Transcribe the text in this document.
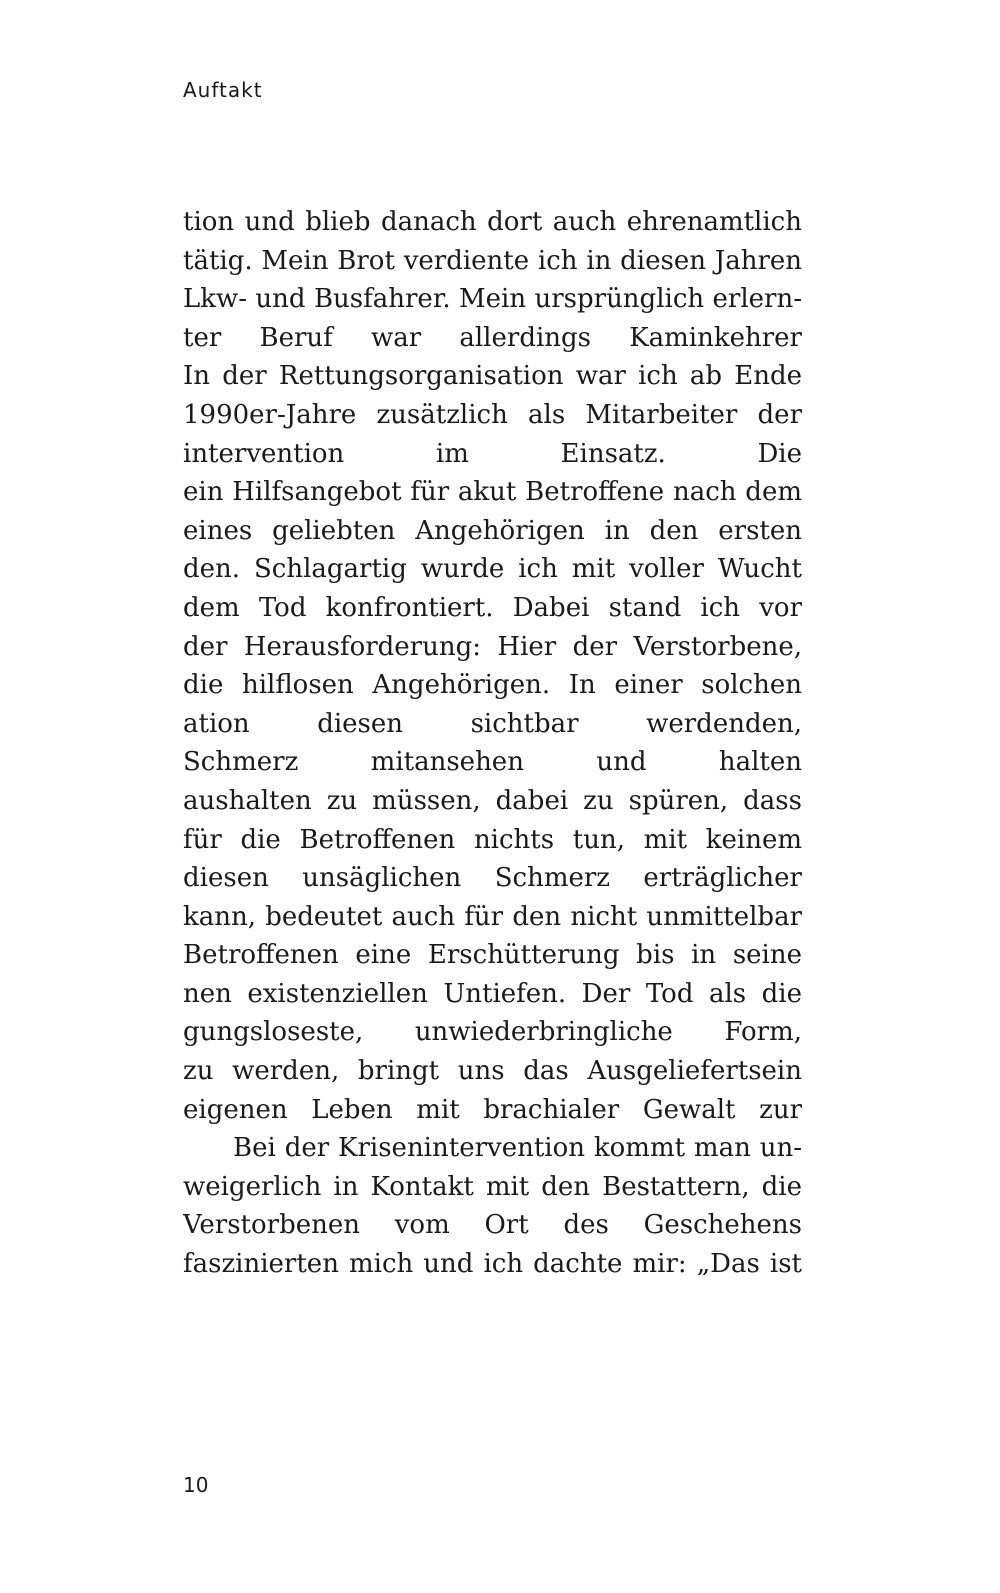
Auftakt
tion und blieb danach dort auch ehrenamtlich
tätig. Mein Brot verdiente ich in diesen Jahren
Lkw- und Busfahrer. Mein ursprünglich erlern-
ter Beruf war allerdings Kaminkehrer
In der Rettungsorganisation war ich ab Ende
1990er-Jahre zusätzlich als Mitarbeiter der
intervention im Einsatz. Die
ein Hilfsangebot für akut Betroffene nach dem
eines geliebten Angehörigen in den ersten
den. Schlagartig wurde ich mit voller Wucht
dem Tod konfrontiert. Dabei stand ich vor
der Herausforderung: Hier der Verstorbene,
die hilflosen Angehörigen. In einer solchen
ation diesen sichtbar werdenden,
Schmerz mitansehen und halten
aushalten zu müssen, dabei zu spüren, dass
für die Betroffenen nichts tun, mit keinem
diesen unsäglichen Schmerz erträglicher
kann, bedeutet auch für den nicht unmittelbar
Betroffenen eine Erschütterung bis in seine
nen existenziellen Untiefen. Der Tod als die
gungsloseste, unwiederbringliche Form,
zu werden, bringt uns das Ausgeliefertsein
eigenen Leben mit brachialer Gewalt zur
Bei der Krisenintervention kommt man un-
weigerlich in Kontakt mit den Bestattern, die
Verstorbenen vom Ort des Geschehens
faszinierten mich und ich dachte mir: „Das ist
10
